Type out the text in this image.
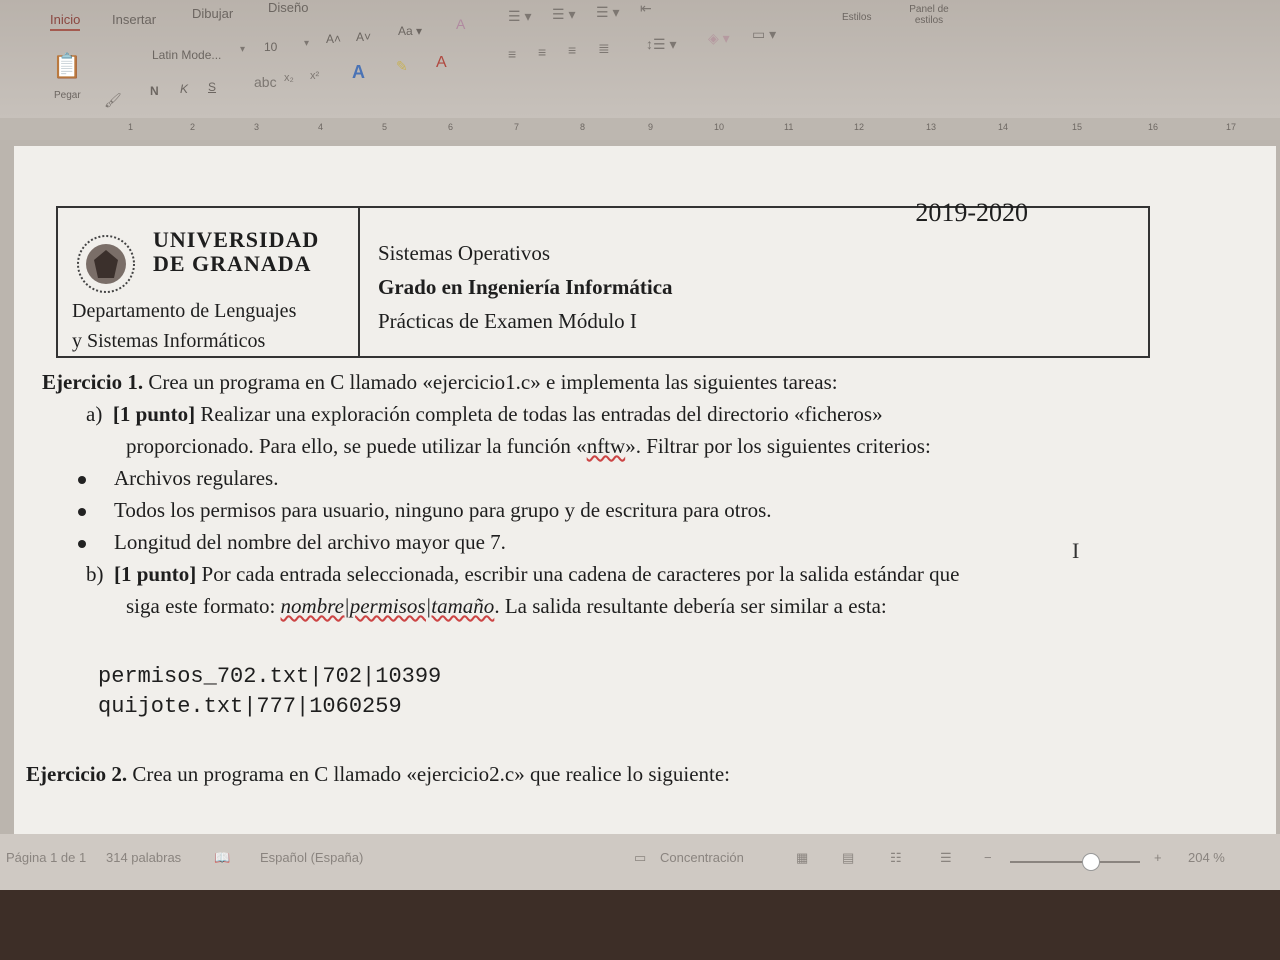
Inicio Insertar	Dibujar	Diseño
📋
Pegar 🖌
Latin Mode... ▾ 10	▾ A˄ A˅ Aa ▾ A
N K S	abc x₂ x² A ✎ A
☰ ▾ ☰ ▾ ☰ ▾ ⇤
≡ ≡ ≡ ≣	↕☰ ▾ ◈ ▾ ▭ ▾
Estilos
Panel de estilos
1	2	3	4	5	6	7	8	9	10	11	12	13	14	15	16	17
2019-2020
UNIVERSIDAD
DE GRANADA
Departamento de Lenguajes
y Sistemas Informáticos
Sistemas Operativos
Grado en Ingeniería Informática
Prácticas de Examen Módulo I
Ejercicio 1. Crea un programa en C llamado «ejercicio1.c» e implementa las siguientes tareas:
a) [1 punto] Realizar una exploración completa de todas las entradas del directorio «ficheros»
proporcionado. Para ello, se puede utilizar la función «nftw». Filtrar por los siguientes criterios:
Archivos regulares.
Todos los permisos para usuario, ninguno para grupo y de escritura para otros.
Longitud del nombre del archivo mayor que 7.
b) [1 punto] Por cada entrada seleccionada, escribir una cadena de caracteres por la salida estándar que
siga este formato: nombre|permisos|tamaño. La salida resultante debería ser similar a esta:
permisos_702.txt|702|10399
quijote.txt|777|1060259
Ejercicio 2. Crea un programa en C llamado «ejercicio2.c» que realice lo siguiente:
I
Página 1 de 1 314 palabras	📖 Español (España)	▭ Concentración	▦	▤	☷	☰ −	+ 204 %
